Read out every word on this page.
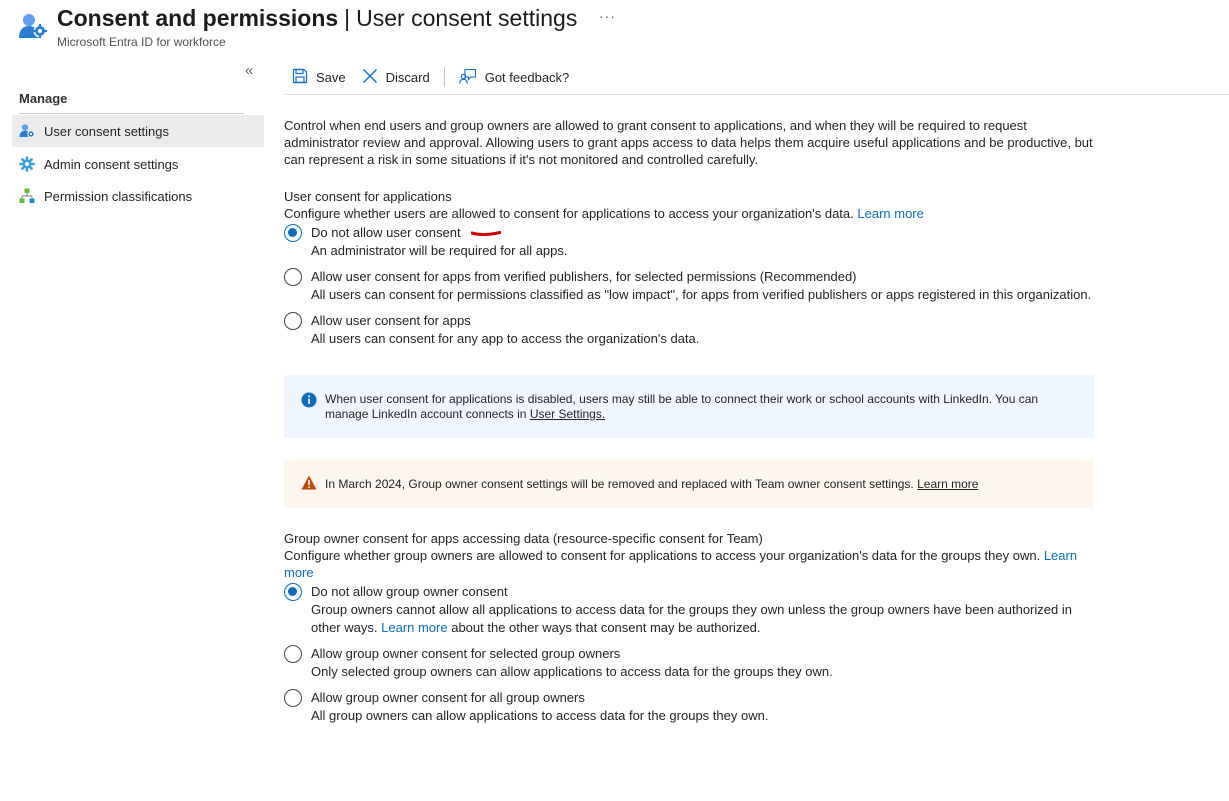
Consent and permissions | User consent settings ···
Microsoft Entra ID for workforce
«
Manage
User consent settings
Admin consent settings
Permission classifications
Save	Discard	Got feedback?
Control when end users and group owners are allowed to grant consent to applications, and when they will be required to request administrator review and approval. Allowing users to grant apps access to data helps them acquire useful applications and be productive, but can represent a risk in some situations if it's not monitored and controlled carefully.
User consent for applications
Configure whether users are allowed to consent for applications to access your organization's data. Learn more
Do not allow user consent
An administrator will be required for all apps.
Allow user consent for apps from verified publishers, for selected permissions (Recommended)
All users can consent for permissions classified as "low impact", for apps from verified publishers or apps registered in this organization.
Allow user consent for apps
All users can consent for any app to access the organization's data.
When user consent for applications is disabled, users may still be able to connect their work or school accounts with LinkedIn. You can manage LinkedIn account connects in User Settings.
In March 2024, Group owner consent settings will be removed and replaced with Team owner consent settings. Learn more
Group owner consent for apps accessing data (resource-specific consent for Team)
Configure whether group owners are allowed to consent for applications to access your organization's data for the groups they own. Learn more
Do not allow group owner consent
Group owners cannot allow all applications to access data for the groups they own unless the group owners have been authorized in other ways. Learn more about the other ways that consent may be authorized.
Allow group owner consent for selected group owners
Only selected group owners can allow applications to access data for the groups they own.
Allow group owner consent for all group owners
All group owners can allow applications to access data for the groups they own.
